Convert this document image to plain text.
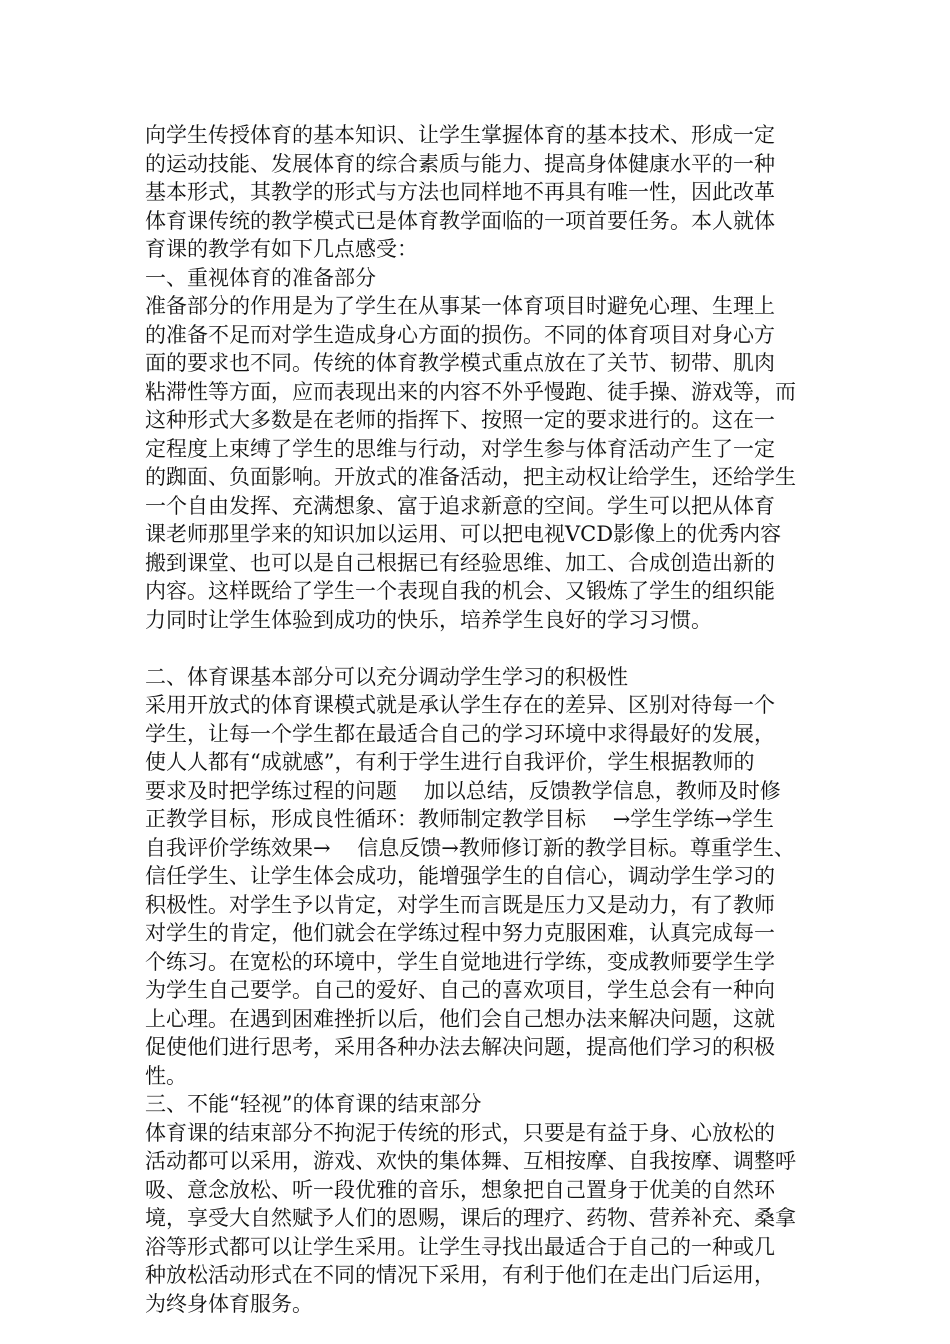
向学生传授体育的基本知识、让学生掌握体育的基本技术、形成一定
的运动技能、发展体育的综合素质与能力、提高身体健康水平的一种
基本形式，其教学的形式与方法也同样地不再具有唯一性，因此改革
体育课传统的教学模式已是体育教学面临的一项首要任务。本人就体
育课的教学有如下几点感受：
一、重视体育的准备部分
准备部分的作用是为了学生在从事某一体育项目时避免心理、生理上
的准备不足而对学生造成身心方面的损伤。不同的体育项目对身心方
面的要求也不同。传统的体育教学模式重点放在了关节、韧带、肌肉
粘滞性等方面，应而表现出来的内容不外乎慢跑、徒手操、游戏等，而
这种形式大多数是在老师的指挥下、按照一定的要求进行的。这在一
定程度上束缚了学生的思维与行动，对学生参与体育活动产生了一定
的踟面、负面影响。开放式的准备活动，把主动权让给学生，还给学生
一个自由发挥、充满想象、富于追求新意的空间。学生可以把从体育
课老师那里学来的知识加以运用、可以把电视VCD影像上的优秀内容
搬到课堂、也可以是自己根据已有经验思维、加工、合成创造出新的
内容。这样既给了学生一个表现自我的机会、又锻炼了学生的组织能
力同时让学生体验到成功的快乐，培养学生良好的学习习惯。
二、体育课基本部分可以充分调动学生学习的积极性
采用开放式的体育课模式就是承认学生存在的差异、区别对待每一个
学生，让每一个学生都在最适合自己的学习环境中求得最好的发展，
使人人都有“成就感”，有利于学生进行自我评价，学生根据教师的
要求及时把学练过程的问题    加以总结，反馈教学信息，教师及时修
正教学目标，形成良性循环：教师制定教学目标    →学生学练→学生
自我评价学练效果→    信息反馈→教师修订新的教学目标。尊重学生、
信任学生、让学生体会成功，能增强学生的自信心，调动学生学习的
积极性。对学生予以肯定，对学生而言既是压力又是动力，有了教师
对学生的肯定，他们就会在学练过程中努力克服困难，认真完成每一
个练习。在宽松的环境中，学生自觉地进行学练，变成教师要学生学
为学生自己要学。自己的爱好、自己的喜欢项目，学生总会有一种向
上心理。在遇到困难挫折以后，他们会自己想办法来解决问题，这就
促使他们进行思考，采用各种办法去解决问题，提高他们学习的积极
性。
三、不能“轻视”的体育课的结束部分
体育课的结束部分不拘泥于传统的形式，只要是有益于身、心放松的
活动都可以采用，游戏、欢快的集体舞、互相按摩、自我按摩、调整呼
吸、意念放松、听一段优雅的音乐，想象把自己置身于优美的自然环
境，享受大自然赋予人们的恩赐，课后的理疗、药物、营养补充、桑拿
浴等形式都可以让学生采用。让学生寻找出最适合于自己的一种或几
种放松活动形式在不同的情况下采用，有利于他们在走出门后运用，
为终身体育服务。
